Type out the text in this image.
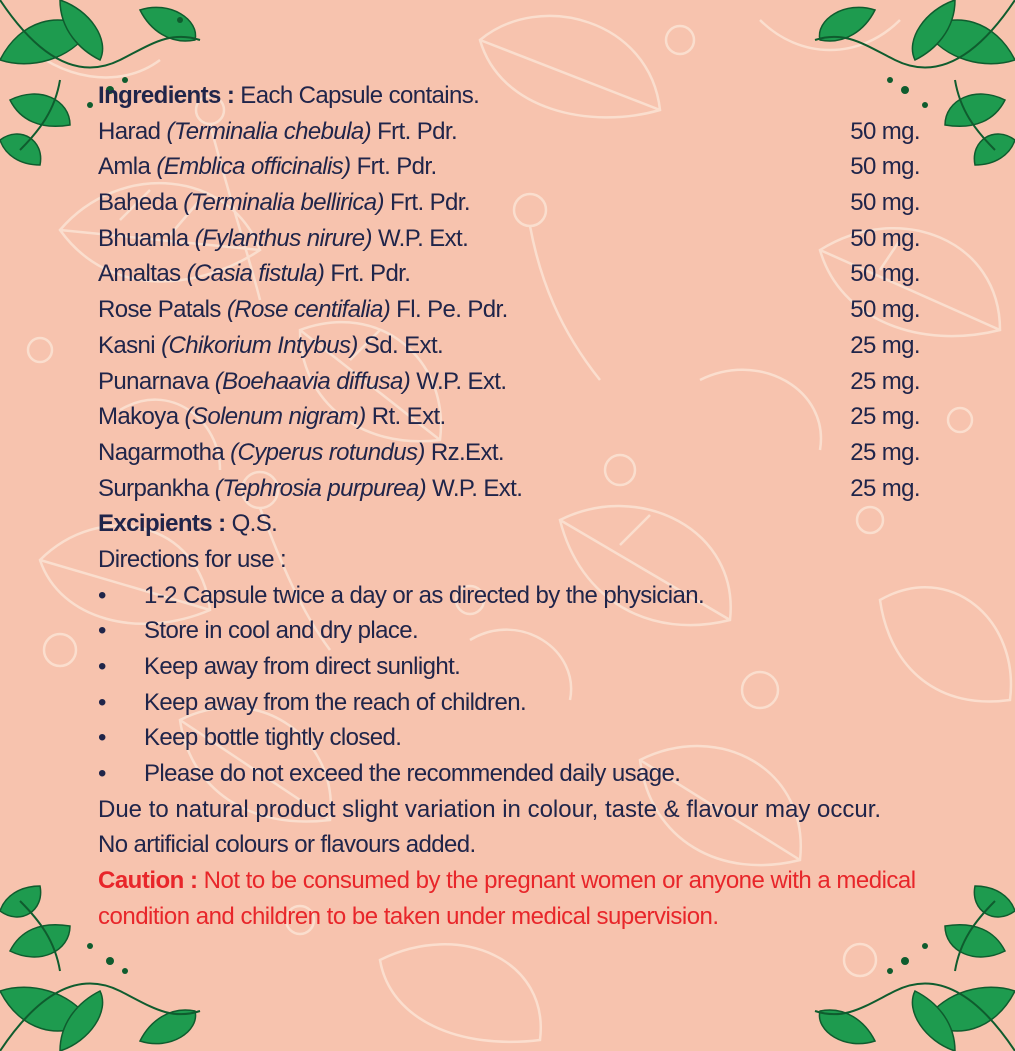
Ingredients : Each Capsule contains.
Harad (Terminalia chebula) Frt. Pdr.	50 mg.
Amla (Emblica officinalis) Frt. Pdr.	50 mg.
Baheda (Terminalia bellirica) Frt. Pdr.	50 mg.
Bhuamla (Fylanthus nirure) W.P. Ext.	50 mg.
Amaltas (Casia fistula) Frt. Pdr.	50 mg.
Rose Patals (Rose centifalia) Fl. Pe. Pdr.	50 mg.
Kasni (Chikorium Intybus) Sd. Ext.	25 mg.
Punarnava (Boehaavia diffusa) W.P. Ext.	25 mg.
Makoya (Solenum nigram) Rt. Ext.	25 mg.
Nagarmotha (Cyperus rotundus) Rz.Ext.	25 mg.
Surpankha (Tephrosia purpurea) W.P. Ext.	25 mg.
Excipients : Q.S.
Directions for use :
•	1-2 Capsule twice a day or as directed by the physician.
•	Store in cool and dry place.
•	Keep away from direct sunlight.
•	Keep away from the reach of children.
•	Keep bottle tightly closed.
•	Please do not exceed the recommended daily usage.
Due to natural product slight variation in colour, taste & flavour may occur.
No artificial colours or flavours added.
Caution : Not to be consumed by the pregnant women or anyone with a medical condition and children to be taken under medical supervision.
